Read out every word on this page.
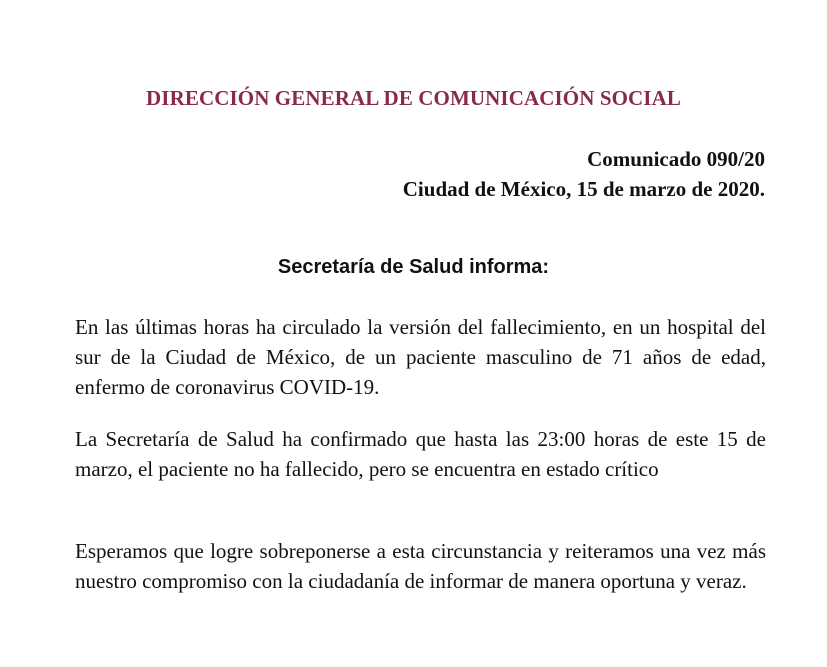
DIRECCIÓN GENERAL DE COMUNICACIÓN SOCIAL
Comunicado 090/20
Ciudad de México, 15 de marzo de 2020.
Secretaría de Salud informa:

En las últimas horas ha circulado la versión del fallecimiento, en un hospital del sur de la Ciudad de México, de un paciente masculino de 71 años de edad, enfermo de coronavirus COVID-19.

La Secretaría de Salud ha confirmado que hasta las 23:00 horas de este 15 de marzo, el paciente no ha fallecido, pero se encuentra en estado crítico

Esperamos que logre sobreponerse a esta circunstancia y reiteramos una vez más nuestro compromiso con la ciudadanía de informar de manera oportuna y veraz.
